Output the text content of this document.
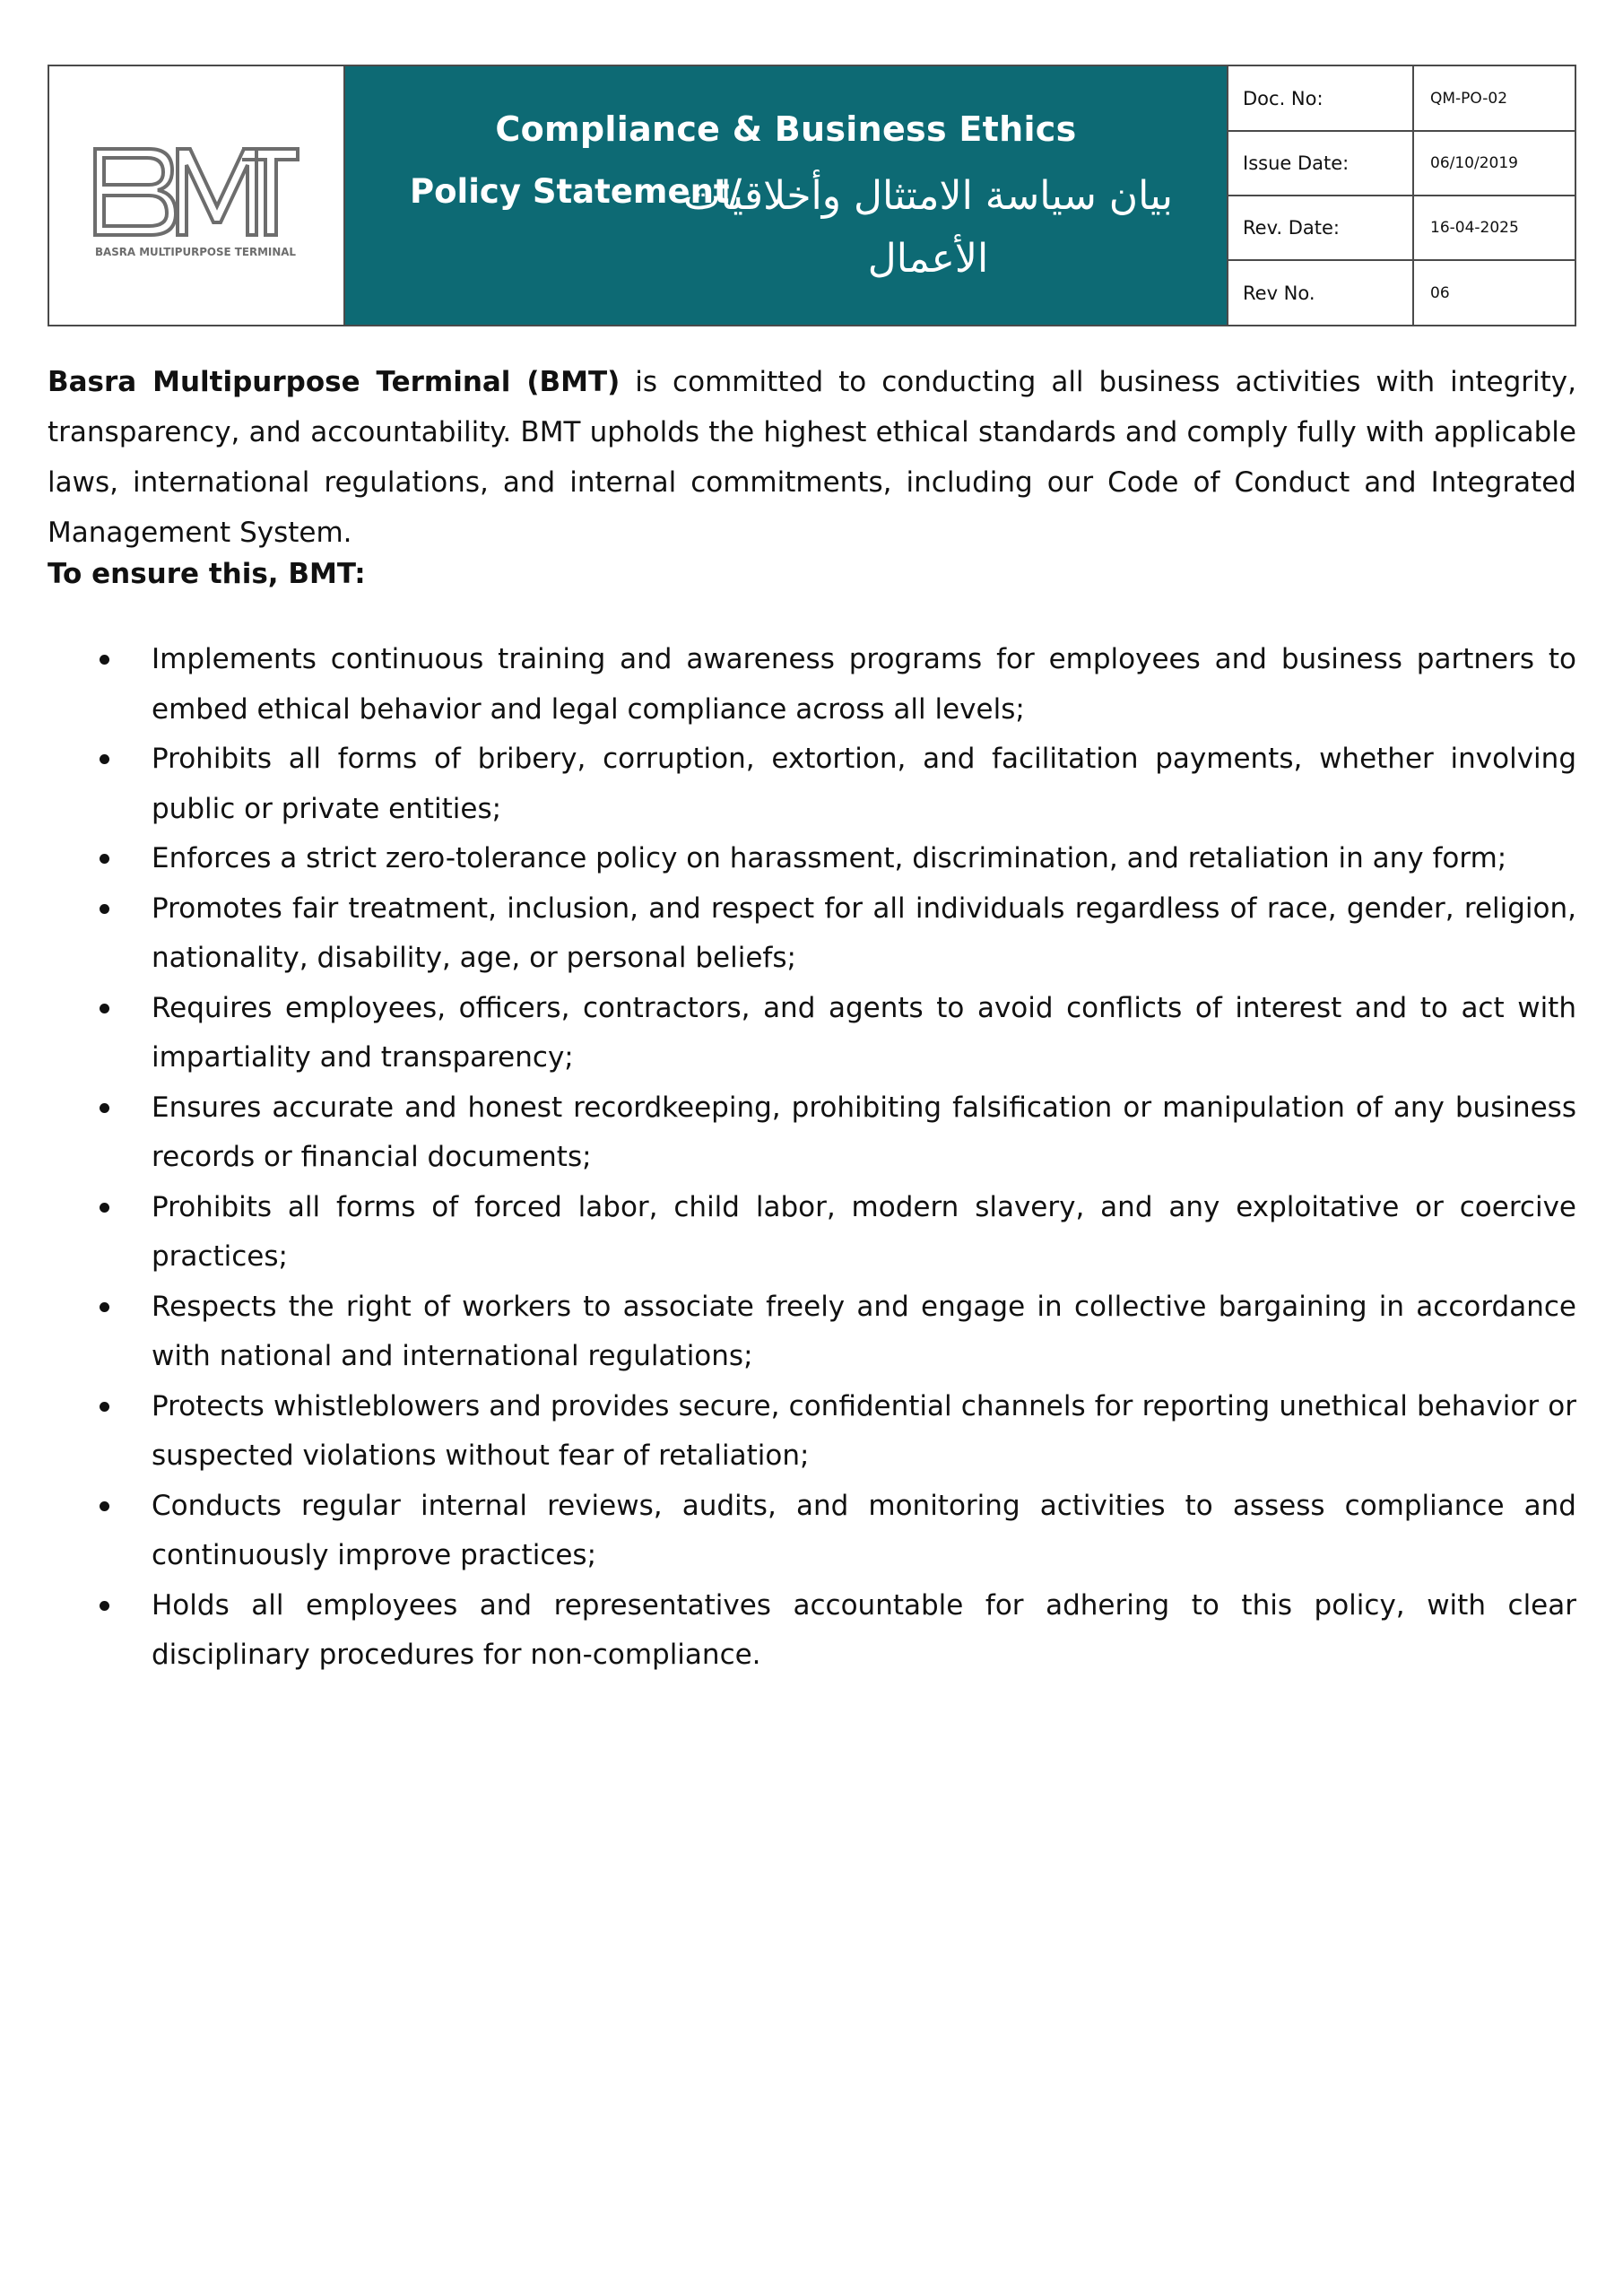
BASRA MULTIPURPOSE TERMINAL
BMT	Compliance & Business Ethics
Policy Statement/
بيان سياسة الامتثال وأخلاقيات الأعمال
Doc. No:	QM-PO-02
Issue Date:	06/10/2019
Rev. Date:	16-04-2025
Rev No.	06
Basra Multipurpose Terminal (BMT) is committed to conducting all business activities with integrity, transparency, and accountability. BMT upholds the highest ethical standards and comply fully with applicable laws, international regulations, and internal commitments, including our Code of Conduct and Integrated Management System.
To ensure this, BMT:
Implements continuous training and awareness programs for employees and business partners to embed ethical behavior and legal compliance across all levels;
Prohibits all forms of bribery, corruption, extortion, and facilitation payments, whether involving public or private entities;
Enforces a strict zero-tolerance policy on harassment, discrimination, and retaliation in any form;
Promotes fair treatment, inclusion, and respect for all individuals regardless of race, gender, religion, nationality, disability, age, or personal beliefs;
Requires employees, officers, contractors, and agents to avoid conflicts of interest and to act with impartiality and transparency;
Ensures accurate and honest recordkeeping, prohibiting falsification or manipulation of any business records or financial documents;
Prohibits all forms of forced labor, child labor, modern slavery, and any exploitative or coercive practices;
Respects the right of workers to associate freely and engage in collective bargaining in accordance with national and international regulations;
Protects whistleblowers and provides secure, confidential channels for reporting unethical behavior or suspected violations without fear of retaliation;
Conducts regular internal reviews, audits, and monitoring activities to assess compliance and continuously improve practices;
Holds all employees and representatives accountable for adhering to this policy, with clear disciplinary procedures for non-compliance.
